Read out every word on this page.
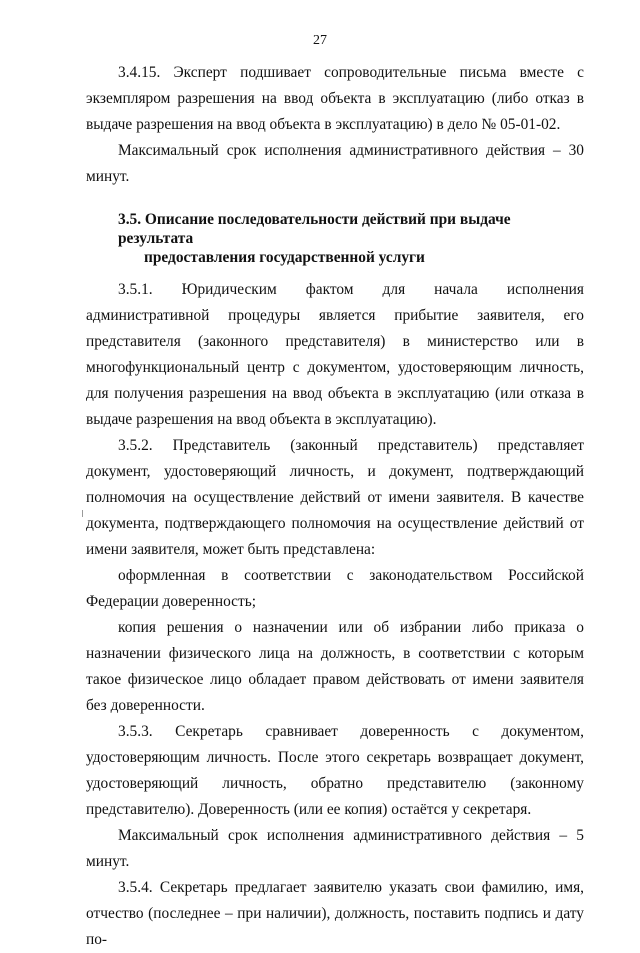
27

3.4.15. Эксперт подшивает сопроводительные письма вместе с экземпляром разрешения на ввод объекта в эксплуатацию (либо отказ в выдаче разрешения на ввод объекта в эксплуатацию) в дело № 05-01-02.

Максимальный срок исполнения административного действия – 30 минут.

3.5. Описание последовательности действий при выдаче результата
предоставления государственной услуги

3.5.1. Юридическим фактом для начала исполнения административной процедуры является прибытие заявителя, его представителя (законного представителя) в министерство или в многофункциональный центр с документом, удостоверяющим личность, для получения разрешения на ввод объекта в эксплуатацию (или отказа в выдаче разрешения на ввод объекта в эксплуатацию).

3.5.2. Представитель (законный представитель) представляет документ, удостоверяющий личность, и документ, подтверждающий полномочия на осуществление действий от имени заявителя. В качестве документа, подтверждающего полномочия на осуществление действий от имени заявителя, может быть представлена:

оформленная в соответствии с законодательством Российской Федерации доверенность;

копия решения о назначении или об избрании либо приказа о назначении физического лица на должность, в соответствии с которым такое физическое лицо обладает правом действовать от имени заявителя без доверенности.

3.5.3. Секретарь сравнивает доверенность с документом, удостоверяющим личность. После этого секретарь возвращает документ, удостоверяющий личность, обратно представителю (законному представителю). Доверенность (или ее копия) остаётся у секретаря.

Максимальный срок исполнения административного действия – 5 минут.

3.5.4. Секретарь предлагает заявителю указать свои фамилию, имя, отчество (последнее – при наличии), должность, поставить подпись и дату по-
